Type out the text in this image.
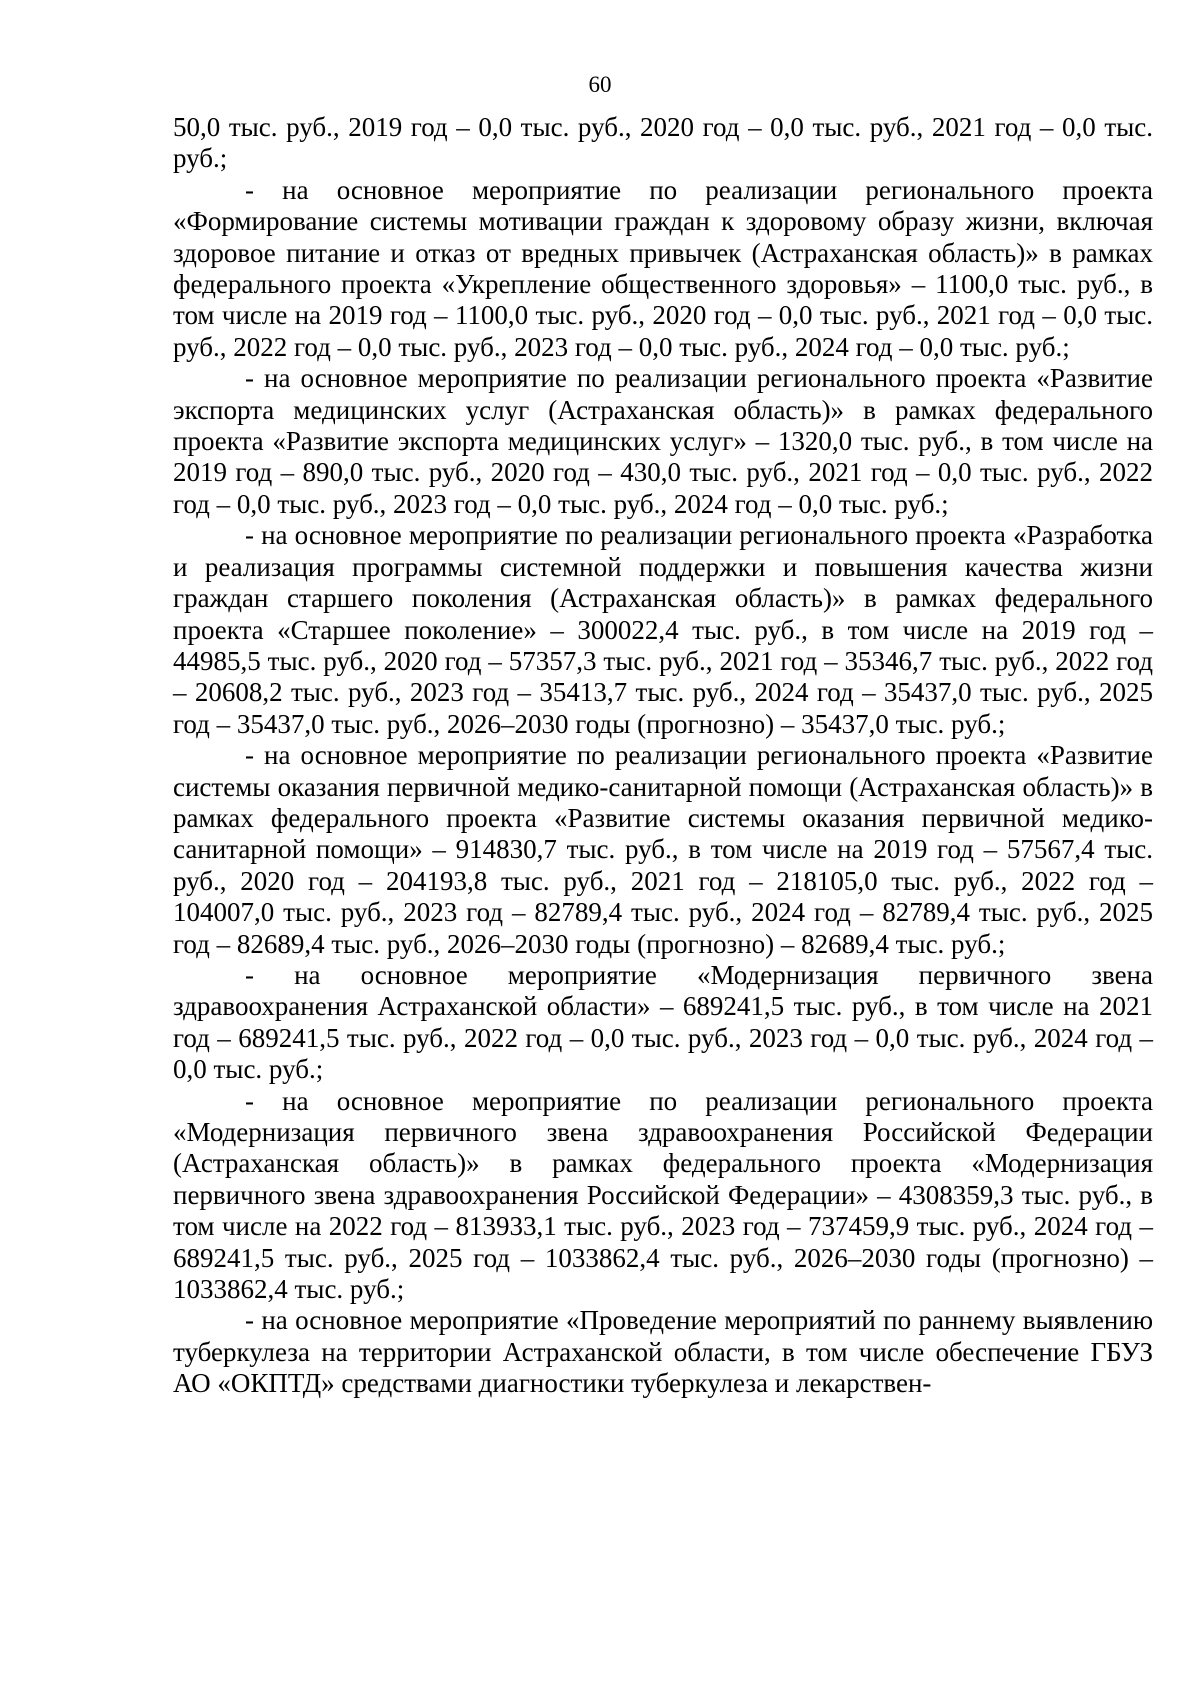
60

50,0 тыс. руб., 2019 год – 0,0 тыс. руб., 2020 год – 0,0 тыс. руб., 2021 год – 0,0 тыс. руб.;

- на основное мероприятие по реализации регионального проекта «Формирование системы мотивации граждан к здоровому образу жизни, включая здоровое питание и отказ от вредных привычек (Астраханская область)» в рамках федерального проекта «Укрепление общественного здоровья» – 1100,0 тыс. руб., в том числе на 2019 год – 1100,0 тыс. руб., 2020 год – 0,0 тыс. руб., 2021 год – 0,0 тыс. руб., 2022 год – 0,0 тыс. руб., 2023 год – 0,0 тыс. руб., 2024 год – 0,0 тыс. руб.;

- на основное мероприятие по реализации регионального проекта «Развитие экспорта медицинских услуг (Астраханская область)» в рамках федерального проекта «Развитие экспорта медицинских услуг» – 1320,0 тыс. руб., в том числе на 2019 год – 890,0 тыс. руб., 2020 год – 430,0 тыс. руб., 2021 год – 0,0 тыс. руб., 2022 год – 0,0 тыс. руб., 2023 год – 0,0 тыс. руб., 2024 год – 0,0 тыс. руб.;

- на основное мероприятие по реализации регионального проекта «Разработка и реализация программы системной поддержки и повышения качества жизни граждан старшего поколения (Астраханская область)» в рамках федерального проекта «Старшее поколение» – 300022,4 тыс. руб., в том числе на 2019 год – 44985,5 тыс. руб., 2020 год – 57357,3 тыс. руб., 2021 год – 35346,7 тыс. руб., 2022 год – 20608,2 тыс. руб., 2023 год – 35413,7 тыс. руб., 2024 год – 35437,0 тыс. руб., 2025 год – 35437,0 тыс. руб., 2026–2030 годы (прогнозно) – 35437,0 тыс. руб.;

- на основное мероприятие по реализации регионального проекта «Развитие системы оказания первичной медико-санитарной помощи (Астраханская область)» в рамках федерального проекта «Развитие системы оказания первичной медико-санитарной помощи» – 914830,7 тыс. руб., в том числе на 2019 год – 57567,4 тыс. руб., 2020 год – 204193,8 тыс. руб., 2021 год – 218105,0 тыс. руб., 2022 год – 104007,0 тыс. руб., 2023 год – 82789,4 тыс. руб., 2024 год – 82789,4 тыс. руб., 2025 год – 82689,4 тыс. руб., 2026–2030 годы (прогнозно) – 82689,4 тыс. руб.;

- на основное мероприятие «Модернизация первичного звена здравоохранения Астраханской области» – 689241,5 тыс. руб., в том числе на 2021 год – 689241,5 тыс. руб., 2022 год – 0,0 тыс. руб., 2023 год – 0,0 тыс. руб., 2024 год – 0,0 тыс. руб.;

- на основное мероприятие по реализации регионального проекта «Модернизация первичного звена здравоохранения Российской Федерации (Астраханская область)» в рамках федерального проекта «Модернизация первичного звена здравоохранения Российской Федерации» – 4308359,3 тыс. руб., в том числе на 2022 год – 813933,1 тыс. руб., 2023 год – 737459,9 тыс. руб., 2024 год – 689241,5 тыс. руб., 2025 год – 1033862,4 тыс. руб., 2026–2030 годы (прогнозно) – 1033862,4 тыс. руб.;

- на основное мероприятие «Проведение мероприятий по раннему выявлению туберкулеза на территории Астраханской области, в том числе обеспечение ГБУЗ АО «ОКПТД» средствами диагностики туберкулеза и лекарствен-
